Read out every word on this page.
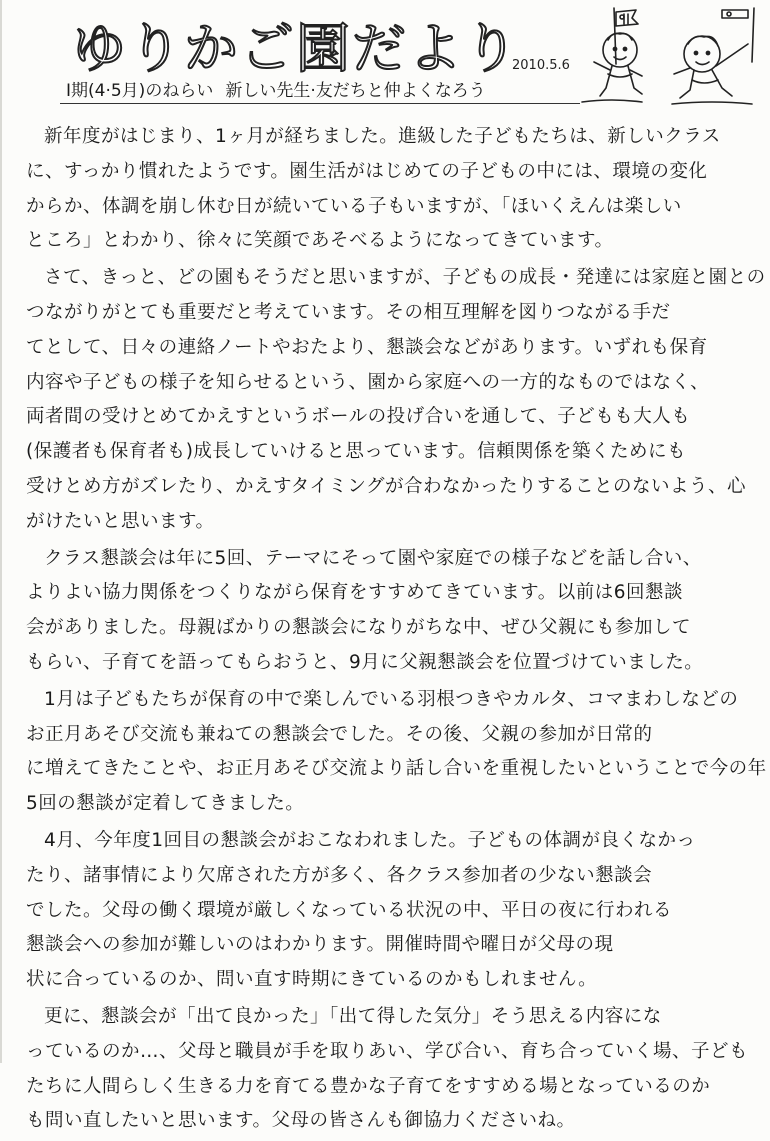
ゆりかご園だより
2010.5.6
I期(4·5月)のねらい 新しい先生·友だちと仲よくなろう
新年度がはじまり、1ヶ月が経ちました。進級した子どもたちは、新しいクラス
に、すっかり慣れたようです。園生活がはじめての子どもの中には、環境の変化
からか、体調を崩し休む日が続いている子もいますが、「ほいくえんは楽しい
ところ」とわかり、徐々に笑顔であそべるようになってきています。
さて、きっと、どの園もそうだと思いますが、子どもの成長・発達には家庭と園との
つながりがとても重要だと考えています。その相互理解を図りつながる手だ
てとして、日々の連絡ノートやおたより、懇談会などがあります。いずれも保育
内容や子どもの様子を知らせるという、園から家庭への一方的なものではなく、
両者間の受けとめてかえすというボールの投げ合いを通して、子どもも大人も
(保護者も保育者も)成長していけると思っています。信頼関係を築くためにも
受けとめ方がズレたり、かえすタイミングが合わなかったりすることのないよう、心
がけたいと思います。
クラス懇談会は年に5回、テーマにそって園や家庭での様子などを話し合い、
よりよい協力関係をつくりながら保育をすすめてきています。以前は6回懇談
会がありました。母親ばかりの懇談会になりがちな中、ぜひ父親にも参加して
もらい、子育てを語ってもらおうと、9月に父親懇談会を位置づけていました。
1月は子どもたちが保育の中で楽しんでいる羽根つきやカルタ、コマまわしなどの
お正月あそび交流も兼ねての懇談会でした。その後、父親の参加が日常的
に増えてきたことや、お正月あそび交流より話し合いを重視したいということで今の年
5回の懇談が定着してきました。
4月、今年度1回目の懇談会がおこなわれました。子どもの体調が良くなかっ
たり、諸事情により欠席された方が多く、各クラス参加者の少ない懇談会
でした。父母の働く環境が厳しくなっている状況の中、平日の夜に行われる
懇談会への参加が難しいのはわかります。開催時間や曜日が父母の現
状に合っているのか、問い直す時期にきているのかもしれません。
更に、懇談会が「出て良かった」「出て得した気分」そう思える内容にな
っているのか…、父母と職員が手を取りあい、学び合い、育ち合っていく場、子ども
たちに人間らしく生きる力を育てる豊かな子育てをすすめる場となっているのか
も問い直したいと思います。父母の皆さんも御協力くださいね。
